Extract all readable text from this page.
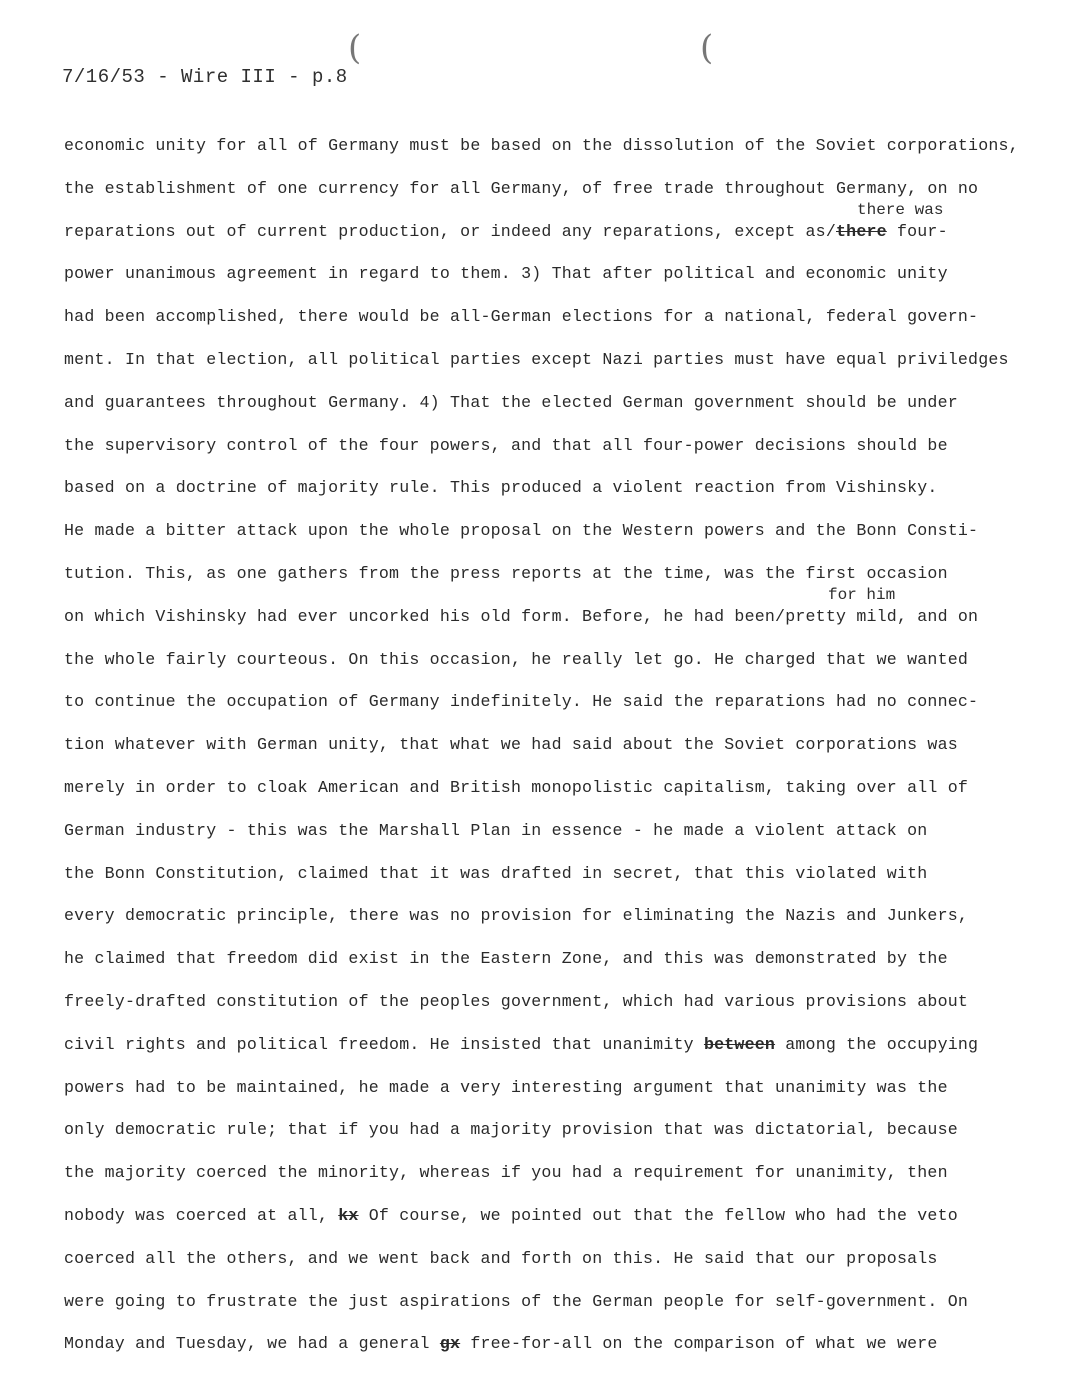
(	(
7/16/53 - Wire III - p.8
there was
for him
economic unity for all of Germany must be based on the dissolution of the Soviet corporations,
the establishment of one currency for all Germany, of free trade throughout Germany, on no
reparations out of current production, or indeed any reparations, except as/there four-
power unanimous agreement in regard to them. 3) That after political and economic unity
had been accomplished, there would be all-German elections for a national, federal govern-
ment. In that election, all political parties except Nazi parties must have equal priviledges
and guarantees throughout Germany. 4) That the elected German government should be under
the supervisory control of the four powers, and that all four-power decisions should be
based on a doctrine of majority rule. This produced a violent reaction from Vishinsky.
He made a bitter attack upon the whole proposal on the Western powers and the Bonn Consti-
tution. This, as one gathers from the press reports at the time, was the first occasion
on which Vishinsky had ever uncorked his old form. Before, he had been/pretty mild, and on
the whole fairly courteous. On this occasion, he really let go. He charged that we wanted
to continue the occupation of Germany indefinitely. He said the reparations had no connec-
tion whatever with German unity, that what we had said about the Soviet corporations was
merely in order to cloak American and British monopolistic capitalism, taking over all of
German industry - this was the Marshall Plan in essence - he made a violent attack on
the Bonn Constitution, claimed that it was drafted in secret, that this violated with
every democratic principle, there was no provision for eliminating the Nazis and Junkers,
he claimed that freedom did exist in the Eastern Zone, and this was demonstrated by the
freely-drafted constitution of the peoples government, which had various provisions about
civil rights and political freedom. He insisted that unanimity between among the occupying
powers had to be maintained, he made a very interesting argument that unanimity was the
only democratic rule; that if you had a majority provision that was dictatorial, because
the majority coerced the minority, whereas if you had a requirement for unanimity, then
nobody was coerced at all, kx Of course, we pointed out that the fellow who had the veto
coerced all the others, and we went back and forth on this. He said that our proposals
were going to frustrate the just aspirations of the German people for self-government. On
Monday and Tuesday, we had a general gx free-for-all on the comparison of what we were
